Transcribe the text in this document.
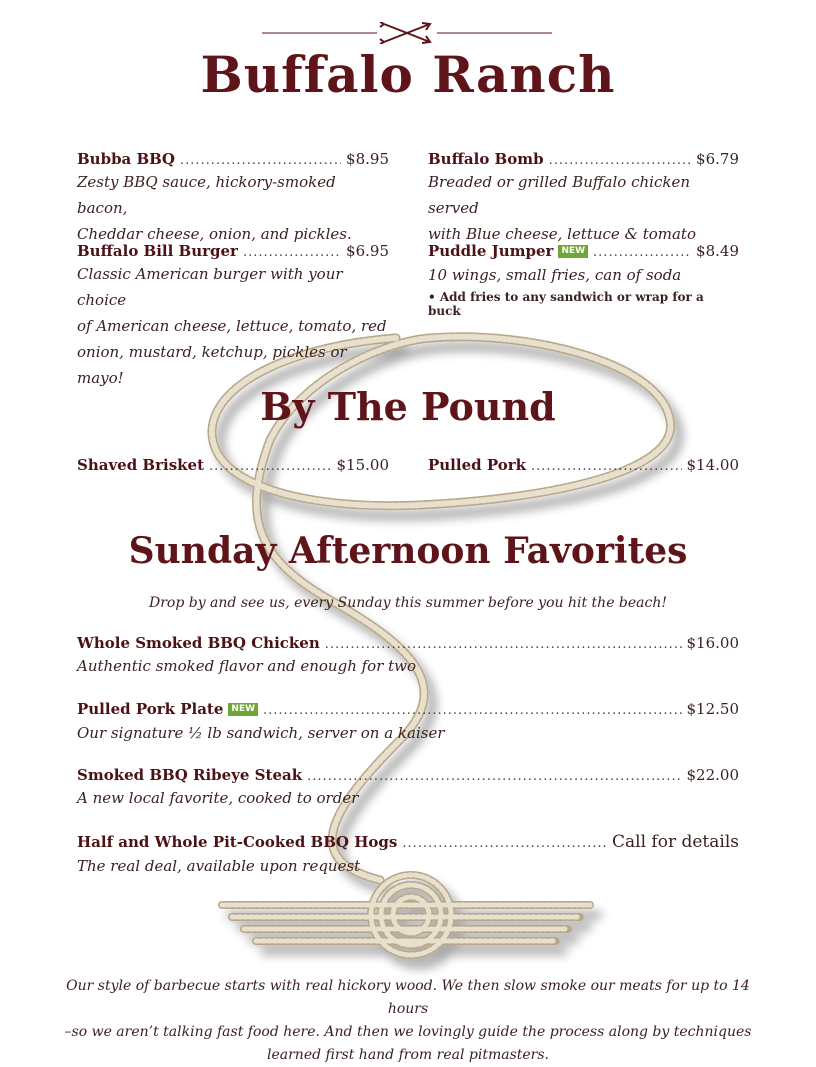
Buffalo Ranch
Bubba BBQ .....	$8.95
Zesty BBQ sauce, hickory-smoked bacon,
Cheddar cheese, onion, and pickles.
Buffalo Bomb .....	$6.79
Breaded or grilled Buffalo chicken served
with Blue cheese, lettuce & tomato
Buffalo Bill Burger .....	$6.95
Classic American burger with your choice
of American cheese, lettuce, tomato, red
onion, mustard, ketchup, pickles or mayo!
Puddle Jumper NEW .....	$8.49
10 wings, small fries, can of soda
• Add fries to any sandwich or wrap for a buck
By The Pound
Shaved Brisket .....	$15.00	Pulled Pork .....	$14.00
Sunday Afternoon Favorites
Drop by and see us, every Sunday this summer before you hit the beach!
Whole Smoked BBQ Chicken .....	$16.00
Authentic smoked flavor and enough for two
Pulled Pork Plate NEW .....	$12.50
Our signature ½ lb sandwich, server on a kaiser
Smoked BBQ Ribeye Steak .....	$22.00
A new local favorite, cooked to order
Half and Whole Pit-Cooked BBQ Hogs .....	Call for details
The real deal, available upon request
Our style of barbecue starts with real hickory wood. We then slow smoke our meats for up to 14 hours
–so we aren’t talking fast food here. And then we lovingly guide the process along by techniques
learned first hand from real pitmasters.
